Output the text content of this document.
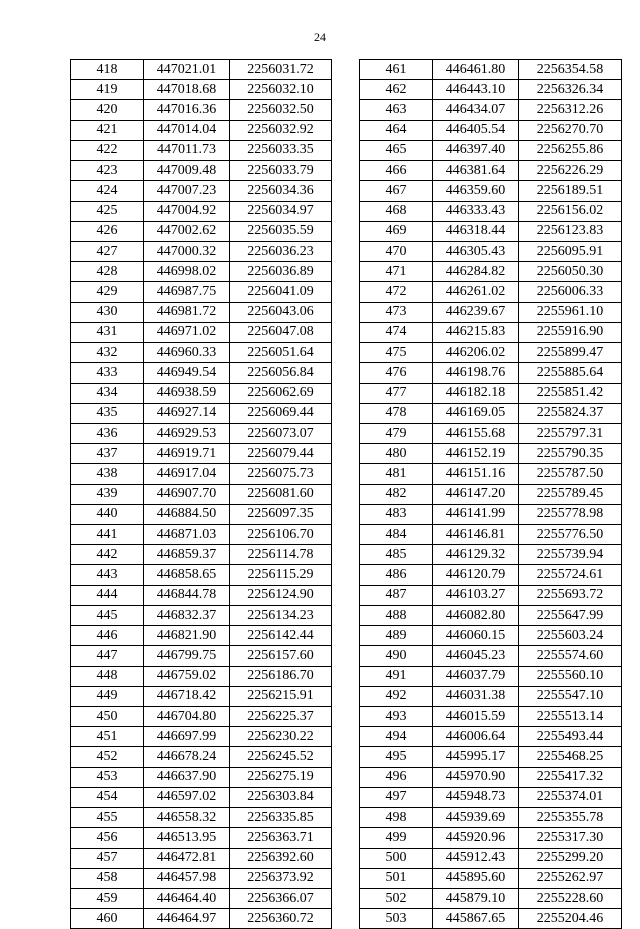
24
418	447021.01	2256031.72
419	447018.68	2256032.10
420	447016.36	2256032.50
421	447014.04	2256032.92
422	447011.73	2256033.35
423	447009.48	2256033.79
424	447007.23	2256034.36
425	447004.92	2256034.97
426	447002.62	2256035.59
427	447000.32	2256036.23
428	446998.02	2256036.89
429	446987.75	2256041.09
430	446981.72	2256043.06
431	446971.02	2256047.08
432	446960.33	2256051.64
433	446949.54	2256056.84
434	446938.59	2256062.69
435	446927.14	2256069.44
436	446929.53	2256073.07
437	446919.71	2256079.44
438	446917.04	2256075.73
439	446907.70	2256081.60
440	446884.50	2256097.35
441	446871.03	2256106.70
442	446859.37	2256114.78
443	446858.65	2256115.29
444	446844.78	2256124.90
445	446832.37	2256134.23
446	446821.90	2256142.44
447	446799.75	2256157.60
448	446759.02	2256186.70
449	446718.42	2256215.91
450	446704.80	2256225.37
451	446697.99	2256230.22
452	446678.24	2256245.52
453	446637.90	2256275.19
454	446597.02	2256303.84
455	446558.32	2256335.85
456	446513.95	2256363.71
457	446472.81	2256392.60
458	446457.98	2256373.92
459	446464.40	2256366.07
460	446464.97	2256360.72
461	446461.80	2256354.58
462	446443.10	2256326.34
463	446434.07	2256312.26
464	446405.54	2256270.70
465	446397.40	2256255.86
466	446381.64	2256226.29
467	446359.60	2256189.51
468	446333.43	2256156.02
469	446318.44	2256123.83
470	446305.43	2256095.91
471	446284.82	2256050.30
472	446261.02	2256006.33
473	446239.67	2255961.10
474	446215.83	2255916.90
475	446206.02	2255899.47
476	446198.76	2255885.64
477	446182.18	2255851.42
478	446169.05	2255824.37
479	446155.68	2255797.31
480	446152.19	2255790.35
481	446151.16	2255787.50
482	446147.20	2255789.45
483	446141.99	2255778.98
484	446146.81	2255776.50
485	446129.32	2255739.94
486	446120.79	2255724.61
487	446103.27	2255693.72
488	446082.80	2255647.99
489	446060.15	2255603.24
490	446045.23	2255574.60
491	446037.79	2255560.10
492	446031.38	2255547.10
493	446015.59	2255513.14
494	446006.64	2255493.44
495	445995.17	2255468.25
496	445970.90	2255417.32
497	445948.73	2255374.01
498	445939.69	2255355.78
499	445920.96	2255317.30
500	445912.43	2255299.20
501	445895.60	2255262.97
502	445879.10	2255228.60
503	445867.65	2255204.46
